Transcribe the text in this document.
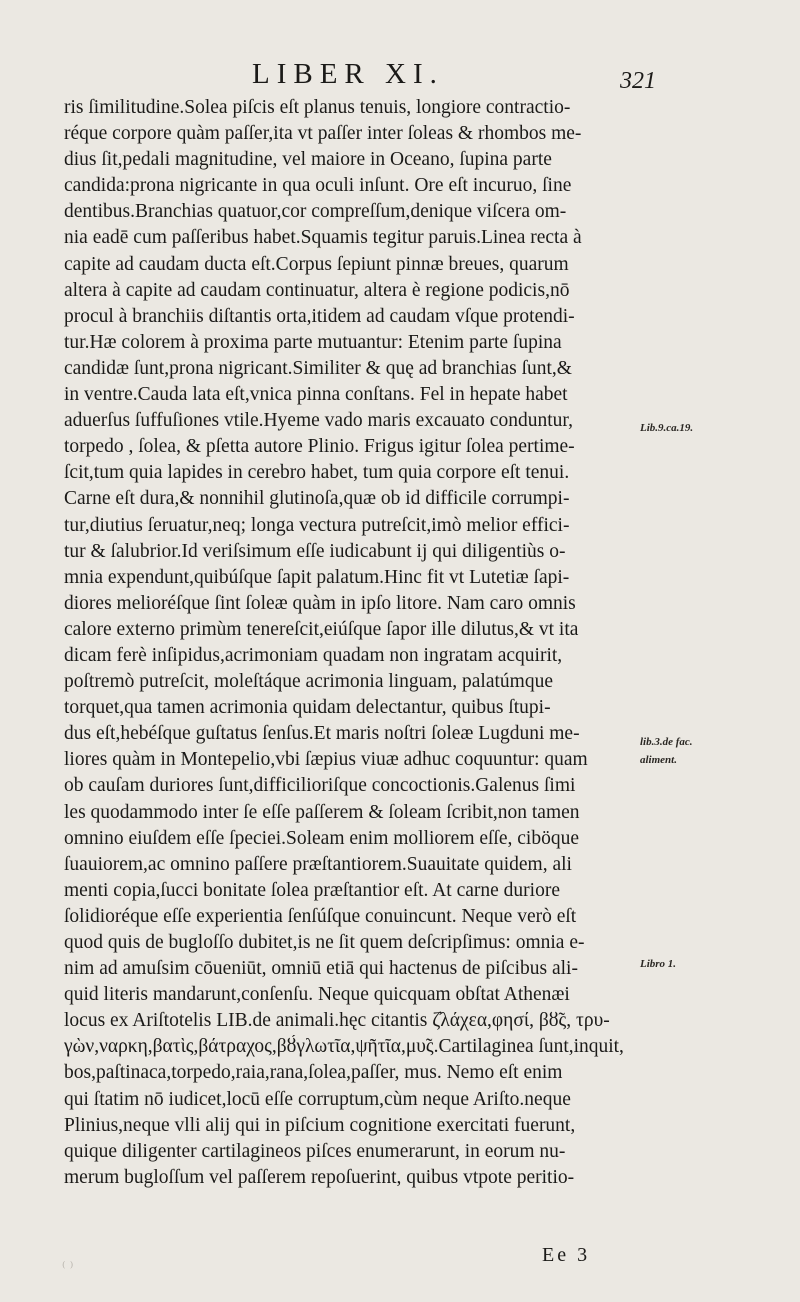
LIBER XI.	321
ris ſimilitudine.Solea piſcis eſt planus tenuis, longiore contractio-
réque corpore quàm paſſer,ita vt paſſer inter ſoleas & rhombos me-
dius ſit,pedali magnitudine, vel maiore in Oceano, ſupina parte
candida:prona nigricante in qua oculi inſunt. Ore eſt incuruo, ſine
dentibus.Branchias quatuor,cor compreſſum,denique viſcera om-
nia eadē cum paſſeribus habet.Squamis tegitur paruis.Linea recta à
capite ad caudam ducta eſt.Corpus ſepiunt pinnæ breues, quarum
altera à capite ad caudam continuatur, altera è regione podicis,nō
procul à branchiis diſtantis orta,itidem ad caudam vſque protendi-
tur.Hæ colorem à proxima parte mutuantur: Etenim parte ſupina
candidæ ſunt,prona nigricant.Similiter & quę ad branchias ſunt,&
in ventre.Cauda lata eſt,vnica pinna conſtans. Fel in hepate habet
aduerſus ſuffuſiones vtile.Hyeme vado maris excauato conduntur,
torpedo , ſolea, & pſetta autore Plinio. Frigus igitur ſolea pertime-
ſcit,tum quia lapides in cerebro habet, tum quia corpore eſt tenui.
Carne eſt dura,& nonnihil glutinoſa,quæ ob id difficile corrumpi-
tur,diutius ſeruatur,neq; longa vectura putreſcit,imò melior effici-
tur & ſalubrior.Id veriſsimum eſſe iudicabunt ij qui diligentiùs o-
mnia expendunt,quibúſque ſapit palatum.Hinc fit vt Lutetiæ ſapi-
diores melioréſque ſint ſoleæ quàm in ipſo litore. Nam caro omnis
calore externo primùm tenereſcit,eiúſque ſapor ille dilutus,& vt ita
dicam ferè inſipidus,acrimoniam quadam non ingratam acquirit,
poſtremò putreſcit, moleſtáque acrimonia linguam, palatúmque
torquet,qua tamen acrimonia quidam delectantur, quibus ſtupi-
dus eſt,hebéſque guſtatus ſenſus.Et maris noſtri ſoleæ Lugduni me-
liores quàm in Montepelio,vbi ſæpius viuæ adhuc coquuntur: quam
ob cauſam duriores ſunt,difficilioriſque concoctionis.Galenus ſimi
les quodammodo inter ſe eſſe paſſerem & ſoleam ſcribit,non tamen
omnino eiuſdem eſſe ſpeciei.Soleam enim molliorem eſſe, ciböque
ſuauiorem,ac omnino paſſere præſtantiorem.Suauitate quidem, ali
menti copia,ſucci bonitate ſolea præſtantior eſt. At carne duriore
ſolidioréque eſſe experientia ſenſúſque conuincunt. Neque verò eſt
quod quis de bugloſſo dubitet,is ne ſit quem deſcripſimus: omnia e-
nim ad amuſsim cōueniūt, omniū etiā qui hactenus de piſcibus ali-
quid literis mandarunt,conſenſu. Neque quicquam obſtat Athenæi
locus ex Ariſtotelis LIB.de animali.hęc citantis ζ̓λάχεα,φησί, βȣ̃ς, τρυ-
γὼν,ναρκη,βατὶς,βάτραχος,βȣ́γλωτῖα,ψῆτῖα,μυ̃ς.Cartilaginea ſunt,inquit,
bos,paſtinaca,torpedo,raia,rana,ſolea,paſſer, mus. Nemo eſt enim
qui ſtatim nō iudicet,locū eſſe corruptum,cùm neque Ariſto.neque
Plinius,neque vlli alij qui in piſcium cognitione exercitati fuerunt,
quique diligenter cartilagineos piſces enumerarunt, in eorum nu-
merum bugloſſum vel paſſerem repoſuerint, quibus vtpote peritio-
Lib.9.ca.19.
lib.3.de fac.
aliment.
Libro 1.
Ee 3
⁽ ⁾
